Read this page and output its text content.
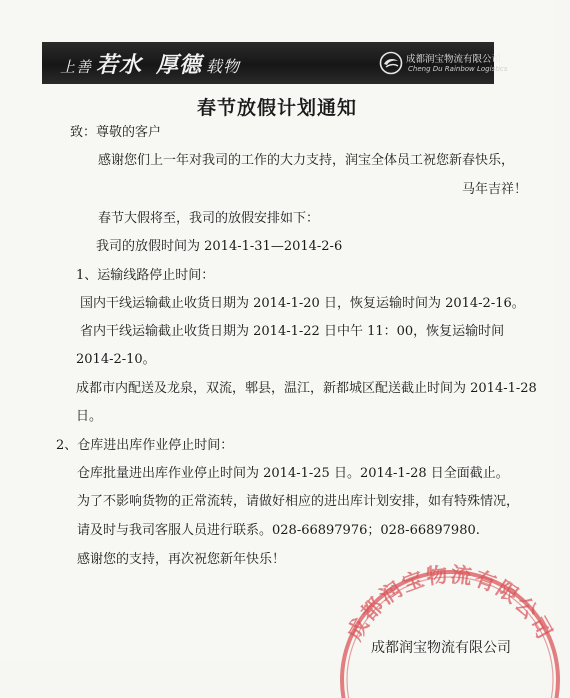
上善 若水 厚德 载物	成都润宝物流有限公司
Cheng Du Rainbow Logistics
春节放假计划通知
致：尊敬的客户
感谢您们上一年对我司的工作的大力支持，润宝全体员工祝您新春快乐，
马年吉祥！
春节大假将至，我司的放假安排如下：
我司的放假时间为 2014-1-31—2014-2-6
1、运输线路停止时间：
国内干线运输截止收货日期为 2014-1-20 日，恢复运输时间为 2014-2-16。
省内干线运输截止收货日期为 2014-1-22 日中午 11：00，恢复运输时间
2014-2-10。
成都市内配送及龙泉，双流，郫县，温江，新都城区配送截止时间为 2014-1-28
日。
2、仓库进出库作业停止时间：
仓库批量进出库作业停止时间为 2014-1-25 日。2014-1-28 日全面截止。
为了不影响货物的正常流转，请做好相应的进出库计划安排，如有特殊情况，
请及时与我司客服人员进行联系。028-66897976；028-66897980.
感谢您的支持，再次祝您新年快乐！
成都润宝物流有限公司
成都润宝物流有限公司
